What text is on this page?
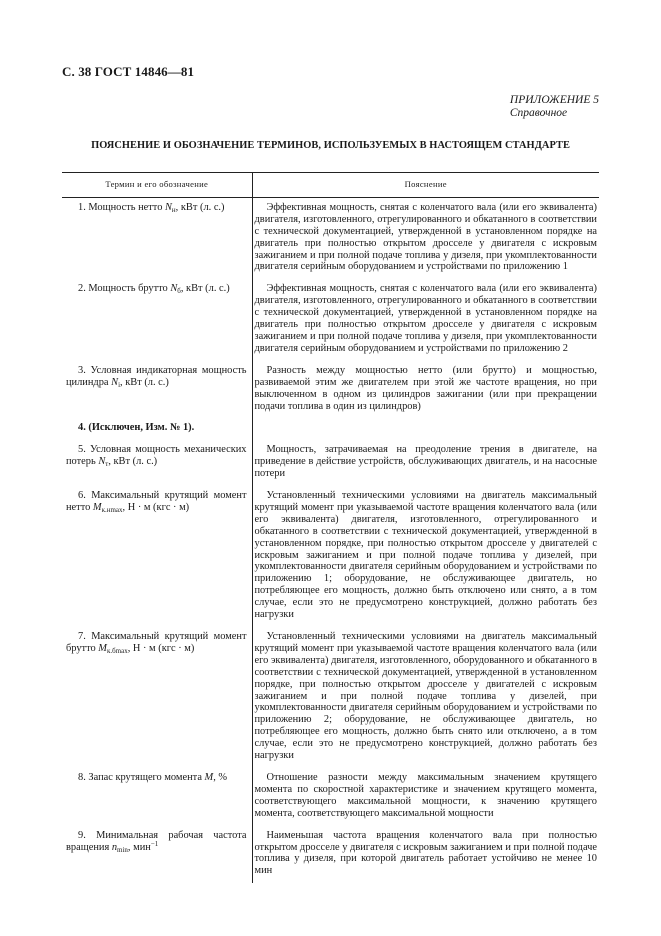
С. 38 ГОСТ 14846—81
ПРИЛОЖЕНИЕ 5
Справочное
ПОЯСНЕНИЕ И ОБОЗНАЧЕНИЕ ТЕРМИНОВ, ИСПОЛЬЗУЕМЫХ В НАСТОЯЩЕМ СТАНДАРТЕ
Термин и его обозначение	Пояснение
1. Мощность нетто $N_н$, кВт (л. с.)	Эффективная мощность, снятая с коленчатого вала (или его эквивалента) двигателя, изготовленного, отрегулированного и обкатанного в соответствии с технической документацией, утвержденной в установленном порядке на двигатель при полностью открытом дросселе у двигателя с искровым зажиганием и при полной подаче топлива у дизеля, при укомплектованности двигателя серийным оборудованием и устройствами по приложению 1
2. Мощность брутто $N_б$, кВт (л. с.)	Эффективная мощность, снятая с коленчатого вала (или его эквивалента) двигателя, изготовленного, отрегулированного и обкатанного в соответствии с технической документацией, утвержденной в установленном порядке на двигатель при полностью открытом дросселе у двигателя с искровым зажиганием и при полной подаче топлива у дизеля, при укомплектованности двигателя серийным оборудованием и устройствами по приложению 2
3. Условная индикаторная мощность цилиндра $N_i$, кВт (л. с.)	Разность между мощностью нетто (или брутто) и мощностью, развиваемой этим же двигателем при этой же частоте вращения, но при выключенном в одном из цилиндров зажигании (или при прекращении подачи топлива в один из цилиндров)
4. (Исключен, Изм. № 1).	
5. Условная мощность механических потерь $N_т$, кВт (л. с.)	Мощность, затрачиваемая на преодоление трения в двигателе, на приведение в действие устройств, обслуживающих двигатель, и на насосные потери
6. Максимальный крутящий момент нетто $M_{к.нmax}$, Н · м (кгс · м)	Установленный техническими условиями на двигатель максимальный крутящий момент при указываемой частоте вращения коленчатого вала (или его эквивалента) двигателя, изготовленного, отрегулированного и обкатанного в соответствии с технической документацией, утвержденной в установленном порядке, при полностью открытом дросселе у двигателей с искровым зажиганием и при полной подаче топлива у дизелей, при укомплектованности двигателя серийным оборудованием и устройствами по приложению 1; оборудование, не обслуживающее двигатель, но потребляющее его мощность, должно быть отключено или снято, а в том случае, если это не предусмотрено конструкцией, должно работать без нагрузки
7. Максимальный крутящий момент брутто $M_{к.бmax}$, Н · м (кгс · м)	Установленный техническими условиями на двигатель максимальный крутящий момент при указываемой частоте вращения коленчатого вала (или его эквивалента) двигателя, изготовленного, оборудованного и обкатанного в соответствии с технической документацией, утвержденной в установленном порядке, при полностью открытом дросселе у двигателей с искровым зажиганием и при полной подаче топлива у дизелей, при укомплектованности двигателя серийным оборудованием и устройствами по приложению 2; оборудование, не обслуживающее двигатель, но потребляющее его мощность, должно быть снято или отключено, а в том случае, если это не предусмотрено конструкцией, должно работать без нагрузки
8. Запас крутящего момента M, %	Отношение разности между максимальным значением крутящего момента по скоростной характеристике и значением крутящего момента, соответствующего максимальной мощности, к значению крутящего момента, соответствующего максимальной мощности
9. Минимальная рабочая частота вращения $n_{min}$, мин$^{-1}$	Наименьшая частота вращения коленчатого вала при полностью открытом дросселе у двигателя с искровым зажиганием и при полной подаче топлива у дизеля, при которой двигатель работает устойчиво не менее 10 мин
